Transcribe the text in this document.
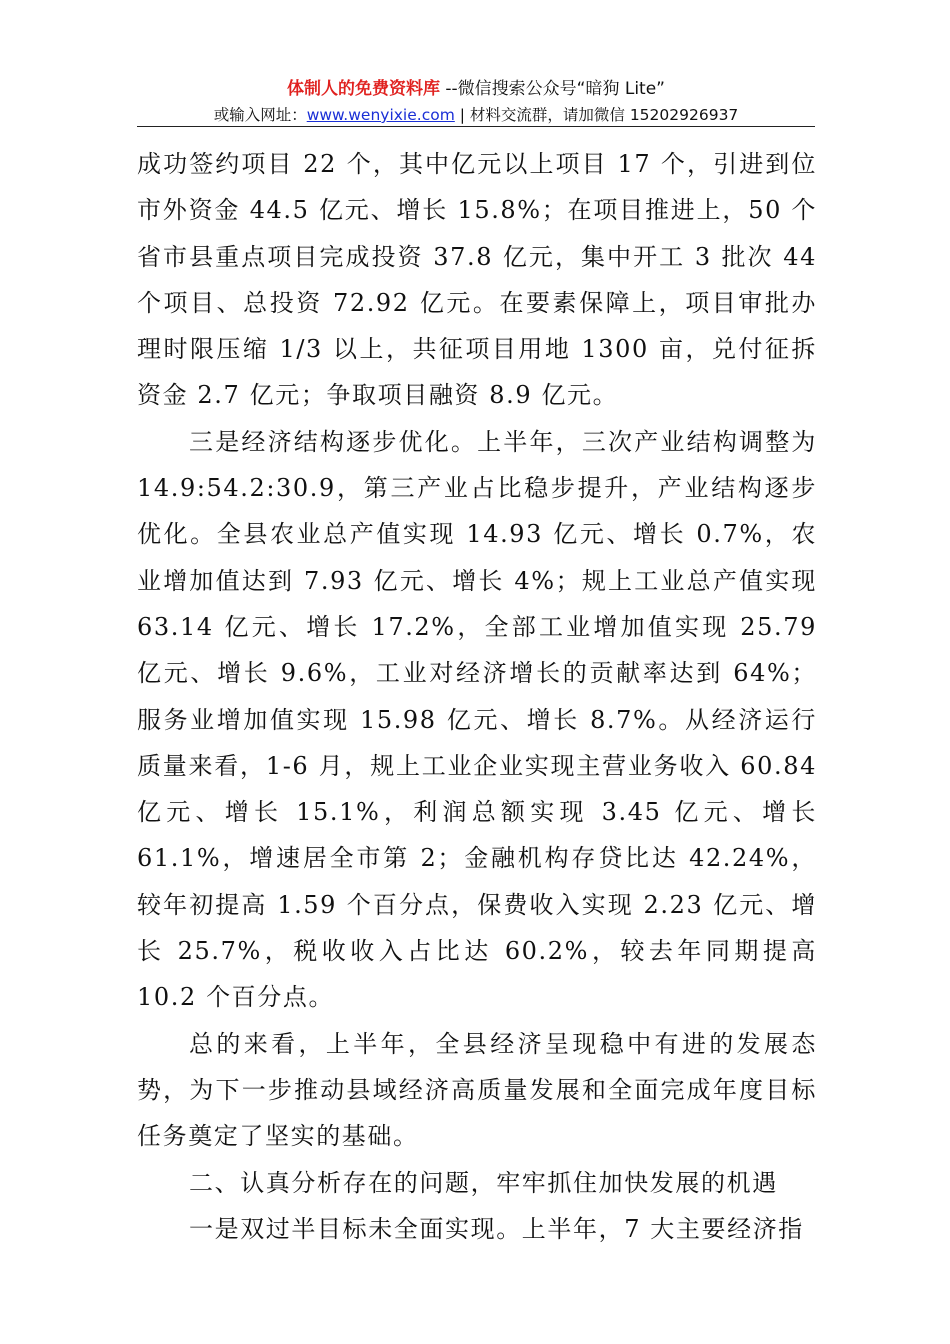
体制人的免费资料库 --微信搜索公众号“暗狗 Lite”
或输入网址：www.wenyixie.com | 材料交流群，请加微信 15202926937

成功签约项目 22 个，其中亿元以上项目 17 个，引进到位市外资金 44.5 亿元、增长 15.8%；在项目推进上，50 个省市县重点项目完成投资 37.8 亿元，集中开工 3 批次 44 个项目、总投资 72.92 亿元。在要素保障上，项目审批办理时限压缩 1/3 以上，共征项目用地 1300 亩，兑付征拆资金 2.7 亿元；争取项目融资 8.9 亿元。

三是经济结构逐步优化。上半年，三次产业结构调整为 14.9:54.2:30.9，第三产业占比稳步提升，产业结构逐步优化。全县农业总产值实现 14.93 亿元、增长 0.7%，农业增加值达到 7.93 亿元、增长 4%；规上工业总产值实现 63.14 亿元、增长 17.2%，全部工业增加值实现 25.79 亿元、增长 9.6%，工业对经济增长的贡献率达到 64%；服务业增加值实现 15.98 亿元、增长 8.7%。从经济运行质量来看，1-6 月，规上工业企业实现主营业务收入 60.84 亿元、增长 15.1%，利润总额实现 3.45 亿元、增长 61.1%，增速居全市第 2；金融机构存贷比达 42.24%，较年初提高 1.59 个百分点，保费收入实现 2.23 亿元、增长 25.7%，税收收入占比达 60.2%，较去年同期提高 10.2 个百分点。

总的来看，上半年，全县经济呈现稳中有进的发展态势，为下一步推动县域经济高质量发展和全面完成年度目标任务奠定了坚实的基础。

二、认真分析存在的问题，牢牢抓住加快发展的机遇

一是双过半目标未全面实现。上半年，7 大主要经济指
